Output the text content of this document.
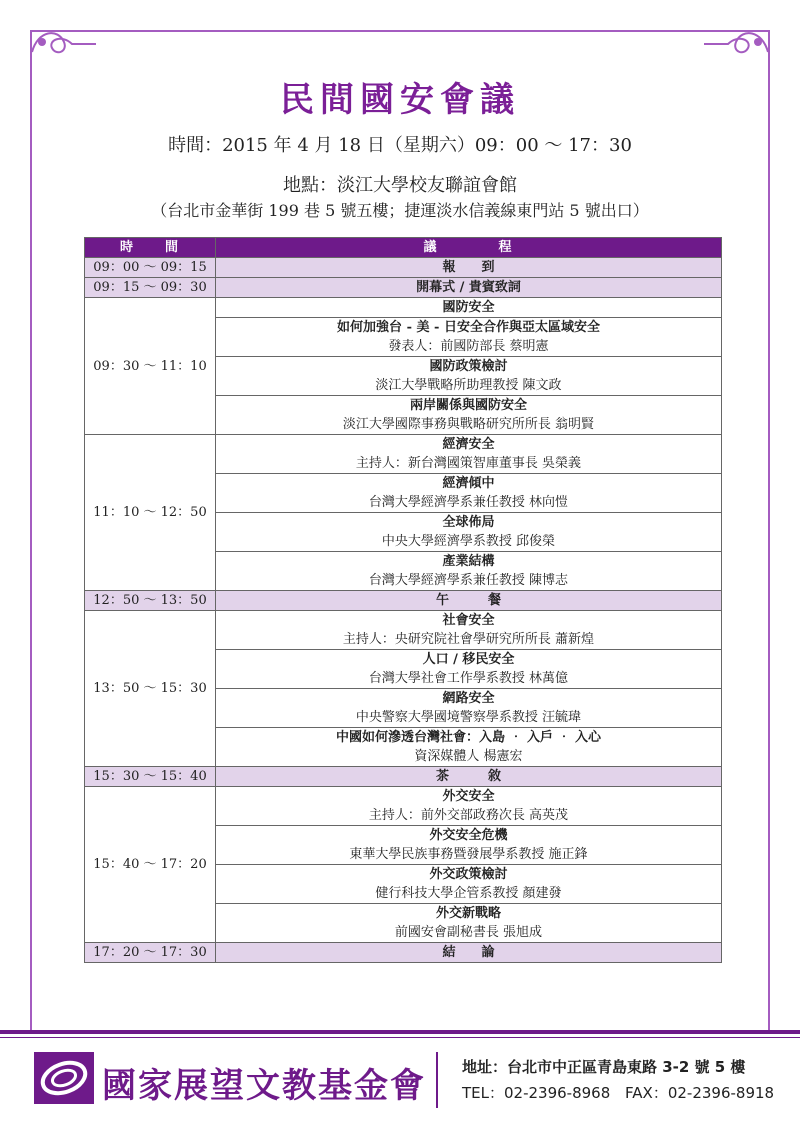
民間國安會議
時間：2015 年 4 月 18 日（星期六）09：00 ～ 17：30
地點：淡江大學校友聯誼會館
（台北市金華街 199 巷 5 號五樓；捷運淡水信義線東門站 5 號出口）
時　　間	議　　　　程
09：00 ～ 09：15	報　　到
09：15 ～ 09：30	開幕式 / 貴賓致詞
09：30 ～ 11：10	國防安全
	如何加強台 - 美 - 日安全合作與亞太區域安全
	發表人：前國防部長 蔡明憲
	國防政策檢討
	淡江大學戰略所助理教授 陳文政
	兩岸關係與國防安全
	淡江大學國際事務與戰略研究所所長 翁明賢
11：10 ～ 12：50	經濟安全
	主持人：新台灣國策智庫董事長 吳榮義
	經濟傾中
	台灣大學經濟學系兼任教授 林向愷
	全球佈局
	中央大學經濟學系教授 邱俊榮
	產業結構
	台灣大學經濟學系兼任教授 陳博志
12：50 ～ 13：50	午　　　餐
13：50 ～ 15：30	社會安全
	主持人：央研究院社會學研究所所長 蕭新煌
	人口 / 移民安全
	台灣大學社會工作學系教授 林萬億
	網路安全
	中央警察大學國境警察學系教授 汪毓瑋
	中國如何滲透台灣社會：入島 ‧ 入戶 ‧ 入心
	資深媒體人 楊憲宏
15：30 ～ 15：40	茶　　　敘
15：40 ～ 17：20	外交安全
	主持人：前外交部政務次長 高英茂
	外交安全危機
	東華大學民族事務暨發展學系教授 施正鋒
	外交政策檢討
	健行科技大學企管系教授 顏建發
	外交新戰略
	前國安會副秘書長 張旭成
17：20 ～ 17：30	結　　論
國家展望文教基金會 地址：台北市中正區青島東路 3-2 號 5 樓
TEL：02-2396-8968 FAX：02-2396-8918
